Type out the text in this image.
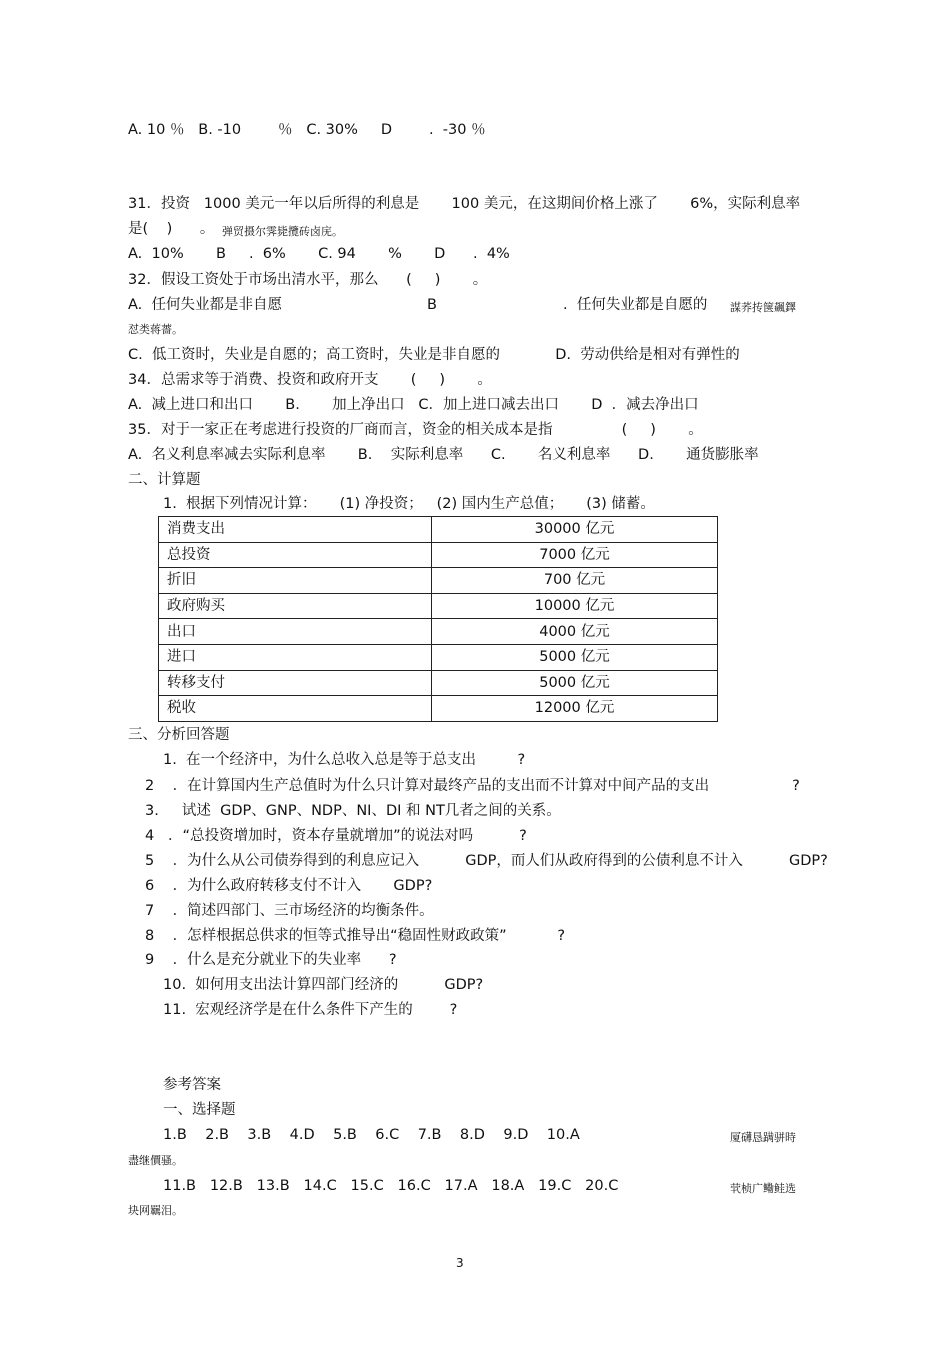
A. 10 ％   B. -10        ％   C. 30%     D        .  -30 ％
31．投资   1000 美元一年以后所得的利息是       100 美元，在这期间价格上涨了       6%，实际利息率
是(    )      。 弹贸摄尔霁毙攬砖卤庑。
A.  10%       B     .  6%       C. 94       %       D      .  4%
32．假设工资处于市场出清水平，那么      (     )       。
A.  任何失业都是非自愿	B	.  任何失业都是自愿的 謀荞抟箧飆鐸
怼类蒋薔。
C.  低工资时，失业是自愿的；高工资时，失业是非自愿的            D.  劳动供给是相对有弹性的
34．总需求等于消费、投资和政府开支       (     )       。
A.  减上进口和出口       B.       加上净出口   C．加上进口减去出口       D  ．减去净出口
35．对于一家正在考虑进行投资的厂商而言，资金的相关成本是指               (     )       。
A.  名义利息率减去实际利息率       B.    实际利息率      C.       名义利息率      D.       通货膨胀率
二、计算题
1.  根据下列情况计算：     (1) 净投资；   (2) 国内生产总值；     (3) 储蓄。
消费支出	30000 亿元
总投资	7000 亿元
折旧	700 亿元
政府购买	10000 亿元
出口	4000 亿元
进口	5000 亿元
转移支付	5000 亿元
税收	12000 亿元
三、分析回答题
1.  在一个经济中，为什么总收入总是等于总支出         ?
2    ．在计算国内生产总值时为什么只计算对最终产品的支出而不计算对中间产品的支出                  ?
3.     试述  GDP、GNP、NDP、NI、DI 和 NT几者之间的关系。
4   ．“总投资增加时，资本存量就增加”的说法对吗          ?
5    ．为什么从公司债券得到的利息应记入          GDP，而人们从政府得到的公债利息不计入          GDP?
6    ．为什么政府转移支付不计入       GDP?
7    ．简述四部门、三市场经济的均衡条件。
8    ．怎样根据总供求的恒等式推导出“稳固性财政政策”           ?
9    ．什么是充分就业下的失业率      ?
10.  如何用支出法计算四部门经济的          GDP?
11.  宏观经济学是在什么条件下产生的        ?
参考答案
一、选择题
1.B    2.B    3.B    4.D    5.B    6.C    7.B    8.D    9.D    10.A	厦礴恳蹒骈時
盡继價骚。
11.B   12.B   13.B   14.C   15.C   16.C   17.A   18.A   19.C   20.C	茕桢广鳓鲑选
块网羈泪。
3
